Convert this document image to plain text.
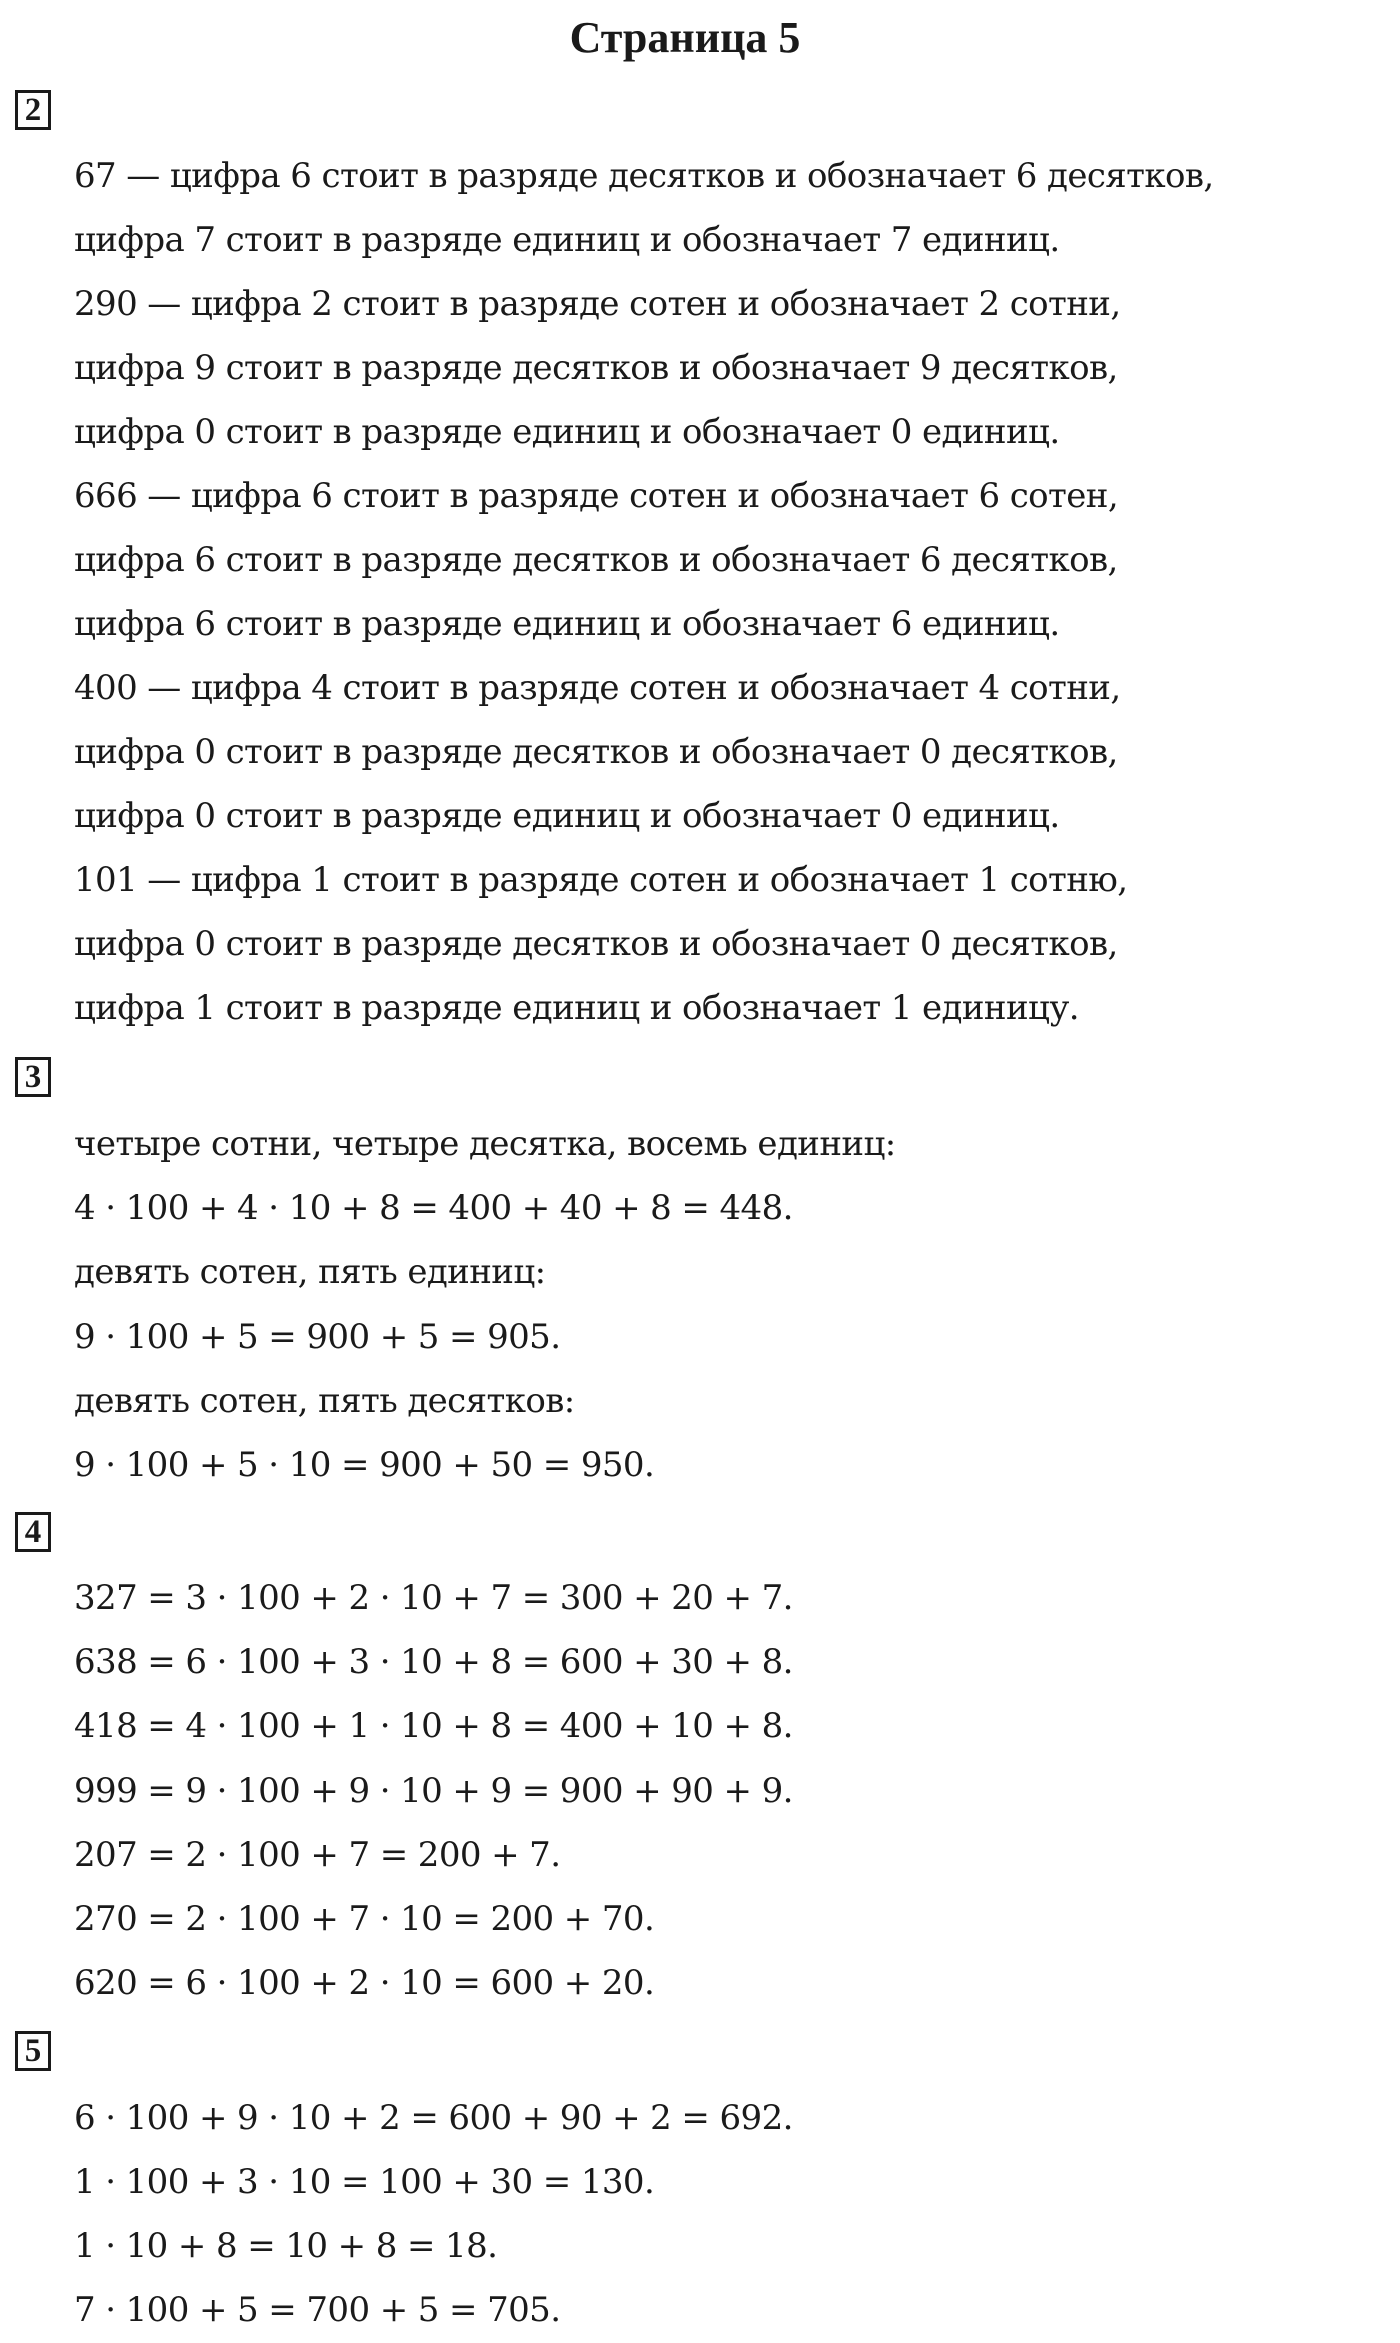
Страница 5
2
67 — цифра 6 стоит в разряде десятков и обозначает 6 десятков,
цифра 7 стоит в разряде единиц и обозначает 7 единиц.
290 — цифра 2 стоит в разряде сотен и обозначает 2 сотни,
цифра 9 стоит в разряде десятков и обозначает 9 десятков,
цифра 0 стоит в разряде единиц и обозначает 0 единиц.
666 — цифра 6 стоит в разряде сотен и обозначает 6 сотен,
цифра 6 стоит в разряде десятков и обозначает 6 десятков,
цифра 6 стоит в разряде единиц и обозначает 6 единиц.
400 — цифра 4 стоит в разряде сотен и обозначает 4 сотни,
цифра 0 стоит в разряде десятков и обозначает 0 десятков,
цифра 0 стоит в разряде единиц и обозначает 0 единиц.
101 — цифра 1 стоит в разряде сотен и обозначает 1 сотню,
цифра 0 стоит в разряде десятков и обозначает 0 десятков,
цифра 1 стоит в разряде единиц и обозначает 1 единицу.
3
четыре сотни, четыре десятка, восемь единиц:
4 · 100 + 4 · 10 + 8 = 400 + 40 + 8 = 448.
девять сотен, пять единиц:
9 · 100 + 5 = 900 + 5 = 905.
девять сотен, пять десятков:
9 · 100 + 5 · 10 = 900 + 50 = 950.
4
327 = 3 · 100 + 2 · 10 + 7 = 300 + 20 + 7.
638 = 6 · 100 + 3 · 10 + 8 = 600 + 30 + 8.
418 = 4 · 100 + 1 · 10 + 8 = 400 + 10 + 8.
999 = 9 · 100 + 9 · 10 + 9 = 900 + 90 + 9.
207 = 2 · 100 + 7 = 200 + 7.
270 = 2 · 100 + 7 · 10 = 200 + 70.
620 = 6 · 100 + 2 · 10 = 600 + 20.
5
6 · 100 + 9 · 10 + 2 = 600 + 90 + 2 = 692.
1 · 100 + 3 · 10 = 100 + 30 = 130.
1 · 10 + 8 = 10 + 8 = 18.
7 · 100 + 5 = 700 + 5 = 705.
